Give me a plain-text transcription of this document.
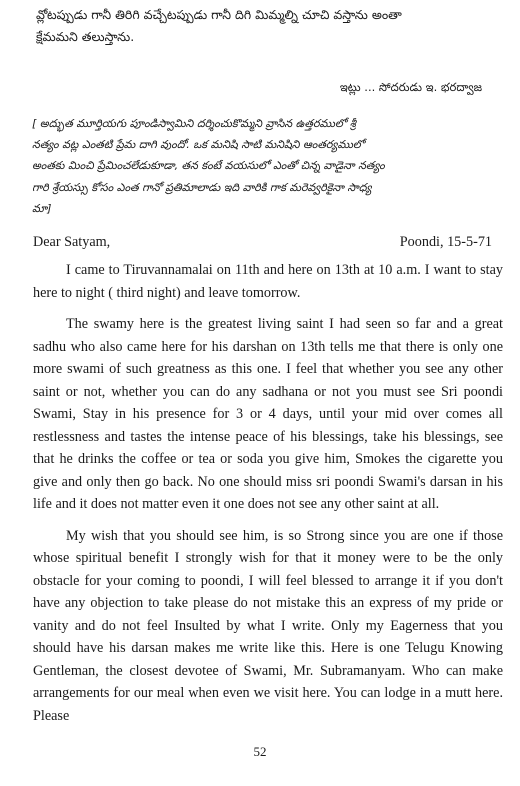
వ్లోటప్పుడు గానీ తిరిగి వచ్చేటప్పుడు గానీ దిగి మిమ్మల్ని చూచి వస్తాను అంతా
క్షేమమని తలుస్తాను.
ఇట్లు ... సోదరుడు ఇ. భరద్వాజ
[ అద్భుత మూర్తియగు పూండిస్వామిని దర్శించుకొమ్మని వ్రాసిన ఉత్తరములో శ్రీ
నత్యం వట్ల ఎంతటి ప్రేమ దాగి వుందో. ఒక మనిషి సాటి మనిషిని ఆంతర్యములో
అంతకు మించి ప్రేమించలేడుకూడా, తన కంటే వయసులో ఎంతో చిన్న వాడైనా నత్యం
గారి శ్రేయస్సు కోసం ఎంత గానో ప్రతిమాలాడు ఇది వారికి గాక మరెవ్వరికైనా సాధ్య
మా]
Dear Satyam,	Poondi, 15-5-71

I came to Tiruvannamalai on 11th and here on 13th at 10 a.m. I want to stay here to night ( third night) and leave tomorrow.

The swamy here is the greatest living saint I had seen so far and a great sadhu who also came here for his darshan on 13th tells me that there is only one more swami of such greatness as this one. I feel that whether you see any other saint or not, whether you can do any sadhana or not you must see Sri poondi Swami, Stay in his presence for 3 or 4 days, until your mid over comes all restlessness and tastes the intense peace of his blessings, take his blessings, see that he drinks the coffee or tea or soda you give him, Smokes the cigarette you give and only then go back. No one should miss sri poondi Swami's darsan in his life and it does not matter even it one does not see any other saint at all.

My wish that you should see him, is so Strong since you are one if those whose spiritual benefit I strongly wish for that it money were to be the only obstacle for your coming to poondi, I will feel blessed to arrange it if you don't have any objection to take please do not mistake this an express of my pride or vanity and do not feel Insulted by what I write. Only my Eagerness that you should have his darsan makes me write like this. Here is one Telugu Knowing Gentleman, the closest devotee of Swami, Mr. Subramanyam. Who can make arrangements for our meal when even we visit here. You can lodge in a mutt here. Please

52
